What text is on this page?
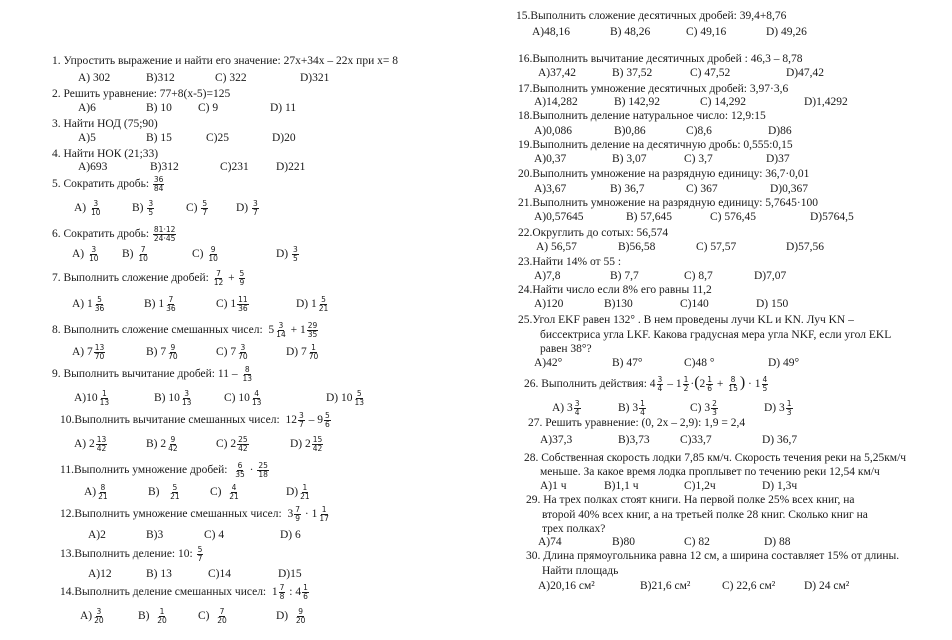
1. Упростить выражение и найти его значение: 27x+34x – 22x при x= 8
А) 302	В)312	С) 322	D)321
2. Решить уравнение: 77+8(x-5)=125
А)6	В) 10 С) 9	D) 11
3. Найти НОД (75;90)
А)5	В) 15	С)25	D)20
4. Найти НОК (21;33)
А)693	В)312	С)231 D)221
5. Сократить дробь: $\frac{36}{84}$
$А) \frac{3}{10}$	$В) \frac{3}{5}$	$С) \frac{5}{7} D) \frac{3}{7}$
6. Сократить дробь: $\frac{81\cdot 12}{24\cdot 45}$
$А) \frac{3}{10} В) \frac{7}{10}$	$С) \frac{9}{10}$	$D) \frac{3}{5}$
7. Выполнить сложение дробей: $\frac{7}{12} + \frac{5}{9}$
А) $1 \frac{5}{36}$	В) $1 \frac{7}{36}$	С) $1 \frac{11}{36}$	D) $1 \frac{5}{21}$
8. Выполнить сложение смешанных чисел: $5 \frac{3}{14} + 1 \frac{29}{35}$
А) $7 \frac{13}{70}$	В) $7 \frac{9}{70}$	С) $7 \frac{3}{70}$	D) $7 \frac{1}{70}$
9. Выполнить вычитание дробей: $11 - \frac{8}{13}$
$А)10 \frac{1}{13}$	В) $10 \frac{3}{13}$	С) $10 \frac{4}{13}$	D) $10 \frac{5}{13}$
10.Выполнить вычитание смешанных чисел: $12 \frac{3}{7} - 9 \frac{5}{6}$
А) $2 \frac{13}{42}$	В) $2 \frac{9}{42}$	С) $2 \frac{25}{42}$	D) $2 \frac{15}{42}$
11.Выполнить умножение дробей: $\frac{6}{35} \cdot \frac{25}{18}$
$А) \frac{8}{21}$	$В) \frac{5}{21}$	$С) \frac{4}{21}$	$D) \frac{1}{21}$
12.Выполнить умножение смешанных чисел: $3 \frac{7}{9} \cdot 1 \frac{1}{17}$
А)2	В)3	С) 4	D) 6
13.Выполнить деление: 10: $\frac{5}{7}$
А)12	В) 13	С)14	D)15
14.Выполнить деление смешанных чисел: $1 \frac{7}{8}$ : $4 \frac{1}{6}$
$А) \frac{3}{20}$	$В) \frac{1}{20}$	$С) \frac{7}{20}$	$D) \frac{9}{20}$
15.Выполнить сложение десятичных дробей: 39,4+8,76
А)48,16	В) 48,26	С) 49,16	D) 49,26
16.Выполнить вычитание десятичных дробей : 46,3 – 8,78
А)37,42	В) 37,52	С) 47,52	D)47,42
17.Выполнить умножение десятичных дробей: 3,97·3,6
А)14,282	В) 142,92	С) 14,292	D)1,4292
18.Выполнить деление натуральное число: 12,9:15
А)0,086	В)0,86	С)8,6	D)86
19.Выполнить деление на десятичную дробь: 0,555:0,15
А)0,37	В) 3,07	С) 3,7	D)37
20.Выполнить умножение на разрядную единицу: 36,7·0,01
А)3,67	В) 36,7	С) 367	D)0,367
21.Выполнить умножение на разрядную единицу: 5,7645·100
А)0,57645	В) 57,645	С) 576,45	D)5764,5
22.Округлить до сотых: 56,574
А) 56,57	В)56,58	С) 57,57	D)57,56
23.Найти 14% от 55 :
А)7,8	В) 7,7	С) 8,7	D)7,07
24.Найти число если 8% его равны 11,2
А)120	В)130	С)140	D) 150
25.Угол EKF равен 132° . В нем проведены лучи KL и KN. Луч KN –
биссектриса угла LKF. Какова градусная мера угла NKF, если угол EKL
равен 38°?
А)42°	В) 47°	С)48 °	D) 49°
26. Выполнить действия: $4 \frac{3}{4} - 1 \frac{1}{2} \cdot(2 \frac{1}{6} + \frac{8}{15}$ ) · $1 \frac{4}{5}$
А) $3 \frac{3}{4}$	В) $3 \frac{1}{4}$	С) $3 \frac{2}{3}$	D) $3 \frac{1}{3}$
27. Решить уравнение: (0, 2x – 2,9): 1,9 = 2,4
А)37,3	В)3,73	С)33,7	D) 36,7
28. Собственная скорость лодки 7,85 км/ч. Скорость течения реки на 5,25км/ч
меньше. За какое время лодка проплывет по течению реки 12,54 км/ч
А)1 ч	В)1,1 ч	С)1,2ч	D) 1,3ч
29. На трех полках стоят книги. На первой полке 25% всех книг, на
второй 40% всех книг, а на третьей полке 28 книг. Сколько книг на
трех полках?
А)74	В)80	С) 82	D) 88
30. Длина прямоугольника равна 12 см, а ширина составляет 15% от длины.
Найти площадь
А)20,16 см²	В)21,6 см²	С) 22,6 см²	D) 24 см²
